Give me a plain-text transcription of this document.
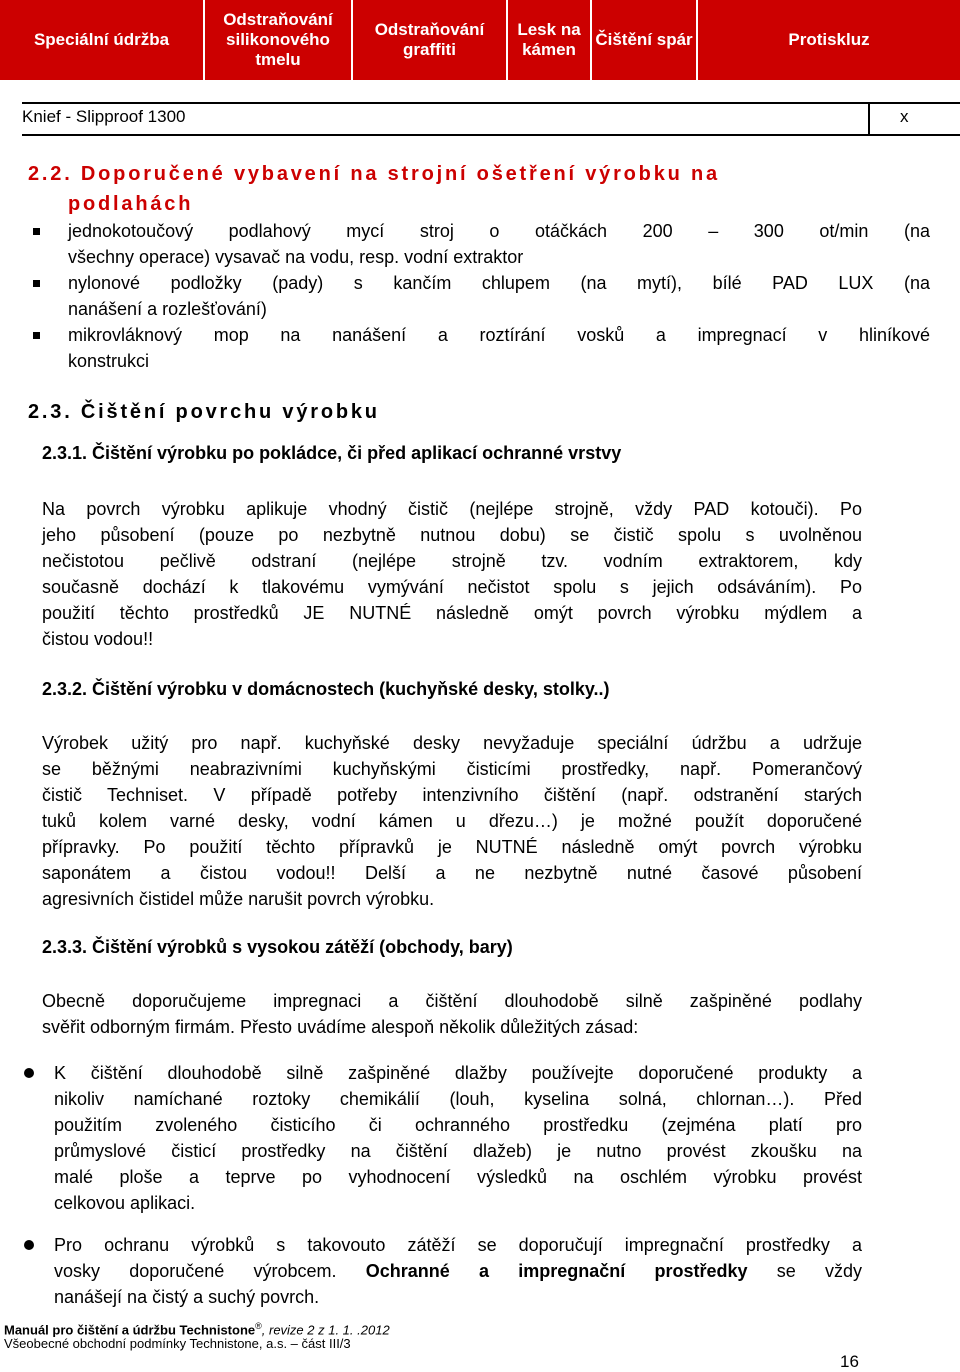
Speciální údržba
Odstraňování silikonového tmelu
Odstraňování graffiti
Lesk na kámen
Čištění spár	Protiskluz
Knief - Slipproof 1300	x
2.2. Doporučené vybavení na strojní ošetření výrobku na
podlahách
jednokotoučový podlahový mycí stroj o otáčkách 200 – 300 ot/min (na
všechny operace) vysavač na vodu, resp. vodní extraktor
nylonové podložky (pady) s kančím chlupem (na mytí), bílé PAD LUX (na
nanášení a rozlešťování)
mikrovláknový mop na nanášení a roztírání vosků a impregnací v hliníkové
konstrukci
2.3. Čištění povrchu výrobku
2.3.1. Čištění výrobku po pokládce, či před aplikací ochranné vrstvy
Na povrch výrobku aplikuje vhodný čistič (nejlépe strojně, vždy PAD kotouči). Po
jeho působení (pouze po nezbytně nutnou dobu) se čistič spolu s uvolněnou
nečistotou pečlivě odstraní (nejlépe strojně tzv. vodním extraktorem, kdy
současně dochází k tlakovému vymývání nečistot spolu s jejich odsáváním). Po
použití těchto prostředků JE NUTNÉ následně omýt povrch výrobku mýdlem a
čistou vodou!!
2.3.2. Čištění výrobku v domácnostech (kuchyňské desky, stolky..)
Výrobek užitý pro např. kuchyňské desky nevyžaduje speciální údržbu a udržuje
se běžnými neabrazivními kuchyňskými čisticími prostředky, např. Pomerančový
čistič Techniset. V případě potřeby intenzivního čištění (např. odstranění starých
tuků kolem varné desky, vodní kámen u dřezu…) je možné použít doporučené
přípravky. Po použití těchto přípravků je NUTNÉ následně omýt povrch výrobku
saponátem a čistou vodou!! Delší a ne nezbytně nutné časové působení
agresivních čistidel může narušit povrch výrobku.
2.3.3. Čištění výrobků s vysokou zátěží (obchody, bary)
Obecně doporučujeme impregnaci a čištění dlouhodobě silně zašpiněné podlahy
svěřit odborným firmám. Přesto uvádíme alespoň několik důležitých zásad:
K čištění dlouhodobě silně zašpiněné dlažby používejte doporučené produkty a
nikoliv namíchané roztoky chemikálií (louh, kyselina solná, chlornan…). Před
použitím zvoleného čisticího či ochranného prostředku (zejména platí pro
průmyslové čisticí prostředky na čištění dlažeb) je nutno provést zkoušku na
malé ploše a teprve po vyhodnocení výsledků na oschlém výrobku provést
celkovou aplikaci.
Pro ochranu výrobků s takovouto zátěží se doporučují impregnační prostředky a
vosky doporučené výrobcem. Ochranné a impregnační prostředky se vždy
nanášejí na čistý a suchý povrch.
Manuál pro čištění a údržbu Technistone®, revize 2 z 1. 1. .2012
Všeobecné obchodní podmínky Technistone, a.s. – část III/3
16
